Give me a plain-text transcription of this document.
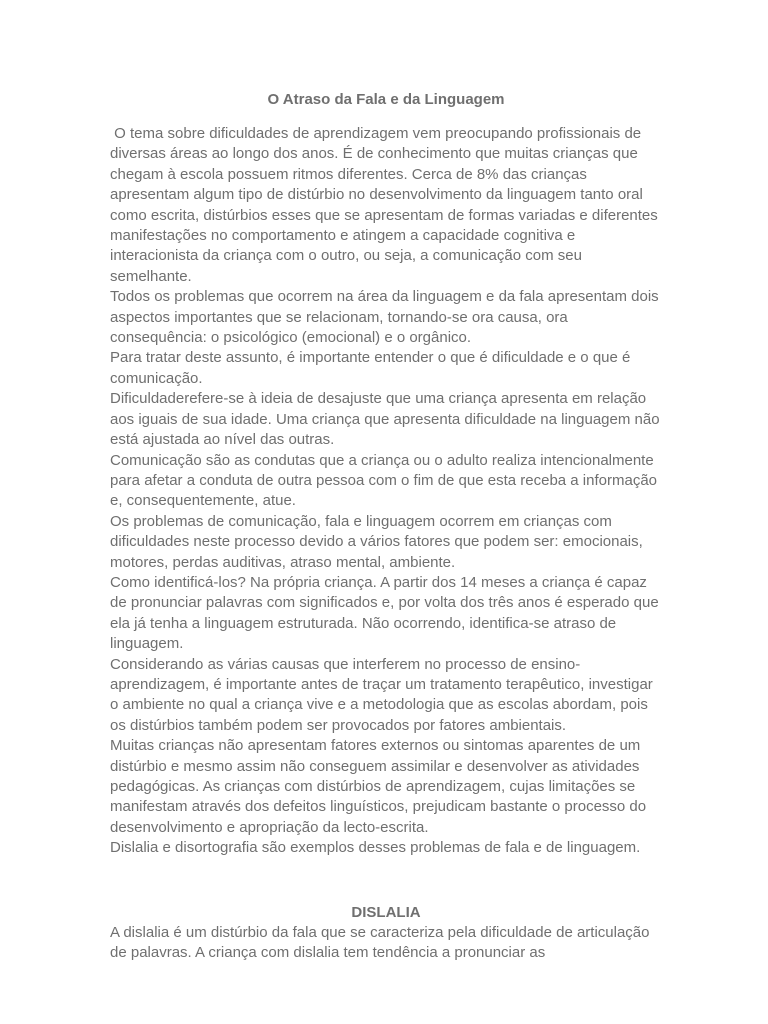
O Atraso da Fala e da Linguagem

O tema sobre dificuldades de aprendizagem vem preocupando profissionais de diversas áreas ao longo dos anos. É de conhecimento que muitas crianças que chegam à escola possuem ritmos diferentes. Cerca de 8% das crianças apresentam algum tipo de distúrbio no desenvolvimento da linguagem tanto oral como escrita, distúrbios esses que se apresentam de formas variadas e diferentes manifestações no comportamento e atingem a capacidade cognitiva e interacionista da criança com o outro, ou seja, a comunicação com seu semelhante.

Todos os problemas que ocorrem na área da linguagem e da fala apresentam dois aspectos importantes que se relacionam, tornando-se ora causa, ora consequência: o psicológico (emocional) e o orgânico.

Para tratar deste assunto, é importante entender o que é dificuldade e o que é comunicação.

Dificuldaderefere-se à ideia de desajuste que uma criança apresenta em relação aos iguais de sua idade. Uma criança que apresenta dificuldade na linguagem não está ajustada ao nível das outras.

Comunicação são as condutas que a criança ou o adulto realiza intencionalmente para afetar a conduta de outra pessoa com o fim de que esta receba a informação e, consequentemente, atue.

Os problemas de comunicação, fala e linguagem ocorrem em crianças com dificuldades neste processo devido a vários fatores que podem ser: emocionais, motores, perdas auditivas, atraso mental, ambiente.

Como identificá-los? Na própria criança. A partir dos 14 meses a criança é capaz de pronunciar palavras com significados e, por volta dos três anos é esperado que ela já tenha a linguagem estruturada. Não ocorrendo, identifica-se atraso de linguagem.

Considerando as várias causas que interferem no processo de ensino-aprendizagem, é importante antes de traçar um tratamento terapêutico, investigar o ambiente no qual a criança vive e a metodologia que as escolas abordam, pois os distúrbios também podem ser provocados por fatores ambientais.

Muitas crianças não apresentam fatores externos ou sintomas aparentes de um distúrbio e mesmo assim não conseguem assimilar e desenvolver as atividades pedagógicas. As crianças com distúrbios de aprendizagem, cujas limitações se manifestam através dos defeitos linguísticos, prejudicam bastante o processo do desenvolvimento e apropriação da lecto-escrita.

Dislalia e disortografia são exemplos desses problemas de fala e de linguagem.

DISLALIA

A dislalia é um distúrbio da fala que se caracteriza pela dificuldade de articulação de palavras. A criança com dislalia tem tendência a pronunciar as
